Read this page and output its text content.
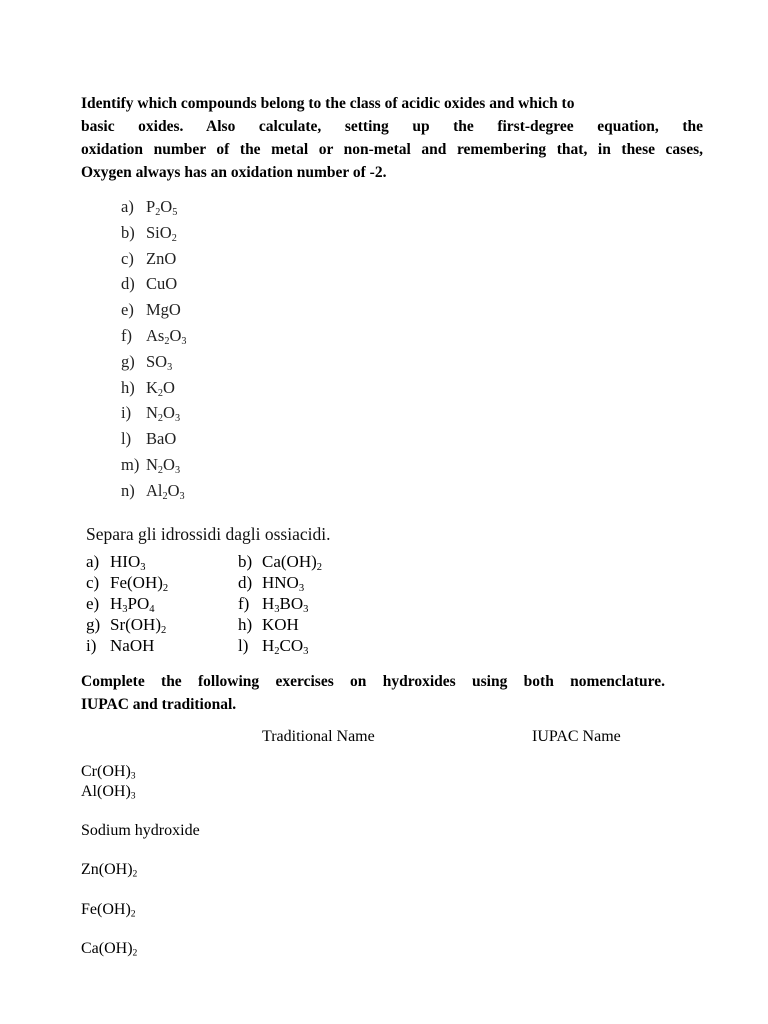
Identify which compounds belong to the class of acidic oxides and which to
basic oxides. Also calculate, setting up the first-degree equation, the
oxidation number of the metal or non-metal and remembering that, in these cases,
Oxygen always has an oxidation number of -2.
a) $P_2O_5$
b) SiO$_2$
c) ZnO
d) CuO
e) MgO
f) $As_2O_3$
g) $SO_3$
h) $K_2O$
i) $N_2O_3$
l) BaO
m) $N_2O_3$
n) $Al_2O_3$
Separa gli idrossidi dagli ossiacidi.
a) $HIO_3$	b) $Ca(OH)_2$
c) $Fe(OH)_2$	d) $HNO_3$
e) $H_3PO_4$	f) $H_3BO_3$
g) $Sr(OH)_2$	h) KOH
i) NaOH	l) $H_2CO_3$
Complete the following exercises on hydroxides using both nomenclature.
IUPAC and traditional.
Traditional Name	IUPAC Name
$Cr(OH)_3$
$Al(OH)_3$
Sodium hydroxide
$Zn(OH)_2$
$Fe(OH)_2$
$Ca(OH)_2$
